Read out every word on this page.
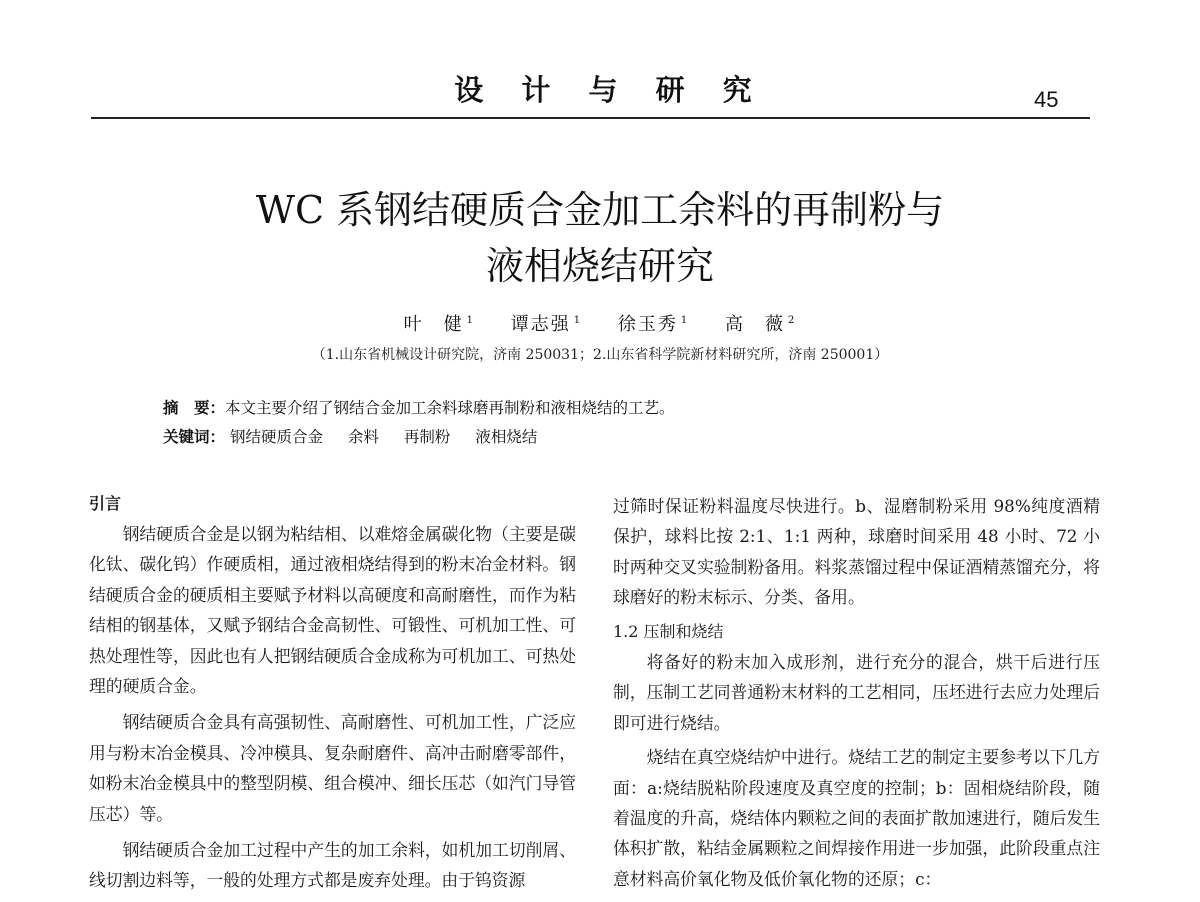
设 计 与 研 究	45
WC 系钢结硬质合金加工余料的再制粉与
液相烧结研究
叶　健 $^1$ 谭志强 $^1$ 徐玉秀 $^1$ 高　薇 $^2$
（1.山东省机械设计研究院，济南 250031；2.山东省科学院新材料研究所，济南 250001）
摘　要：本文主要介绍了钢结合金加工余料球磨再制粉和液相烧结的工艺。
关键词： 钢结硬质合金 余料 再制粉 液相烧结
引言

钢结硬质合金是以钢为粘结相、以难熔金属碳化物（主要是碳化钛、碳化钨）作硬质相，通过液相烧结得到的粉末冶金材料。钢结硬质合金的硬质相主要赋予材料以高硬度和高耐磨性，而作为粘结相的钢基体，又赋予钢结合金高韧性、可锻性、可机加工性、可热处理性等，因此也有人把钢结硬质合金成称为可机加工、可热处理的硬质合金。

钢结硬质合金具有高强韧性、高耐磨性、可机加工性，广泛应用与粉末冶金模具、冷冲模具、复杂耐磨件、高冲击耐磨零部件，如粉末冶金模具中的整型阴模、组合模冲、细长压芯（如汽门导管压芯）等。

钢结硬质合金加工过程中产生的加工余料，如机加工切削屑、线切割边料等，一般的处理方式都是废弃处理。由于钨资源

过筛时保证粉料温度尽快进行。b、湿磨制粉采用 98%纯度酒精保护，球料比按 2:1、1:1 两种，球磨时间采用 48 小时、72 小时两种交叉实验制粉备用。料浆蒸馏过程中保证酒精蒸馏充分，将球磨好的粉末标示、分类、备用。

1.2 压制和烧结

将备好的粉末加入成形剂，进行充分的混合，烘干后进行压制，压制工艺同普通粉末材料的工艺相同，压坯进行去应力处理后即可进行烧结。

烧结在真空烧结炉中进行。烧结工艺的制定主要参考以下几方面：a:烧结脱粘阶段速度及真空度的控制；b：固相烧结阶段，随着温度的升高，烧结体内颗粒之间的表面扩散加速进行，随后发生体积扩散，粘结金属颗粒之间焊接作用进一步加强，此阶段重点注意材料高价氧化物及低价氧化物的还原；c：
